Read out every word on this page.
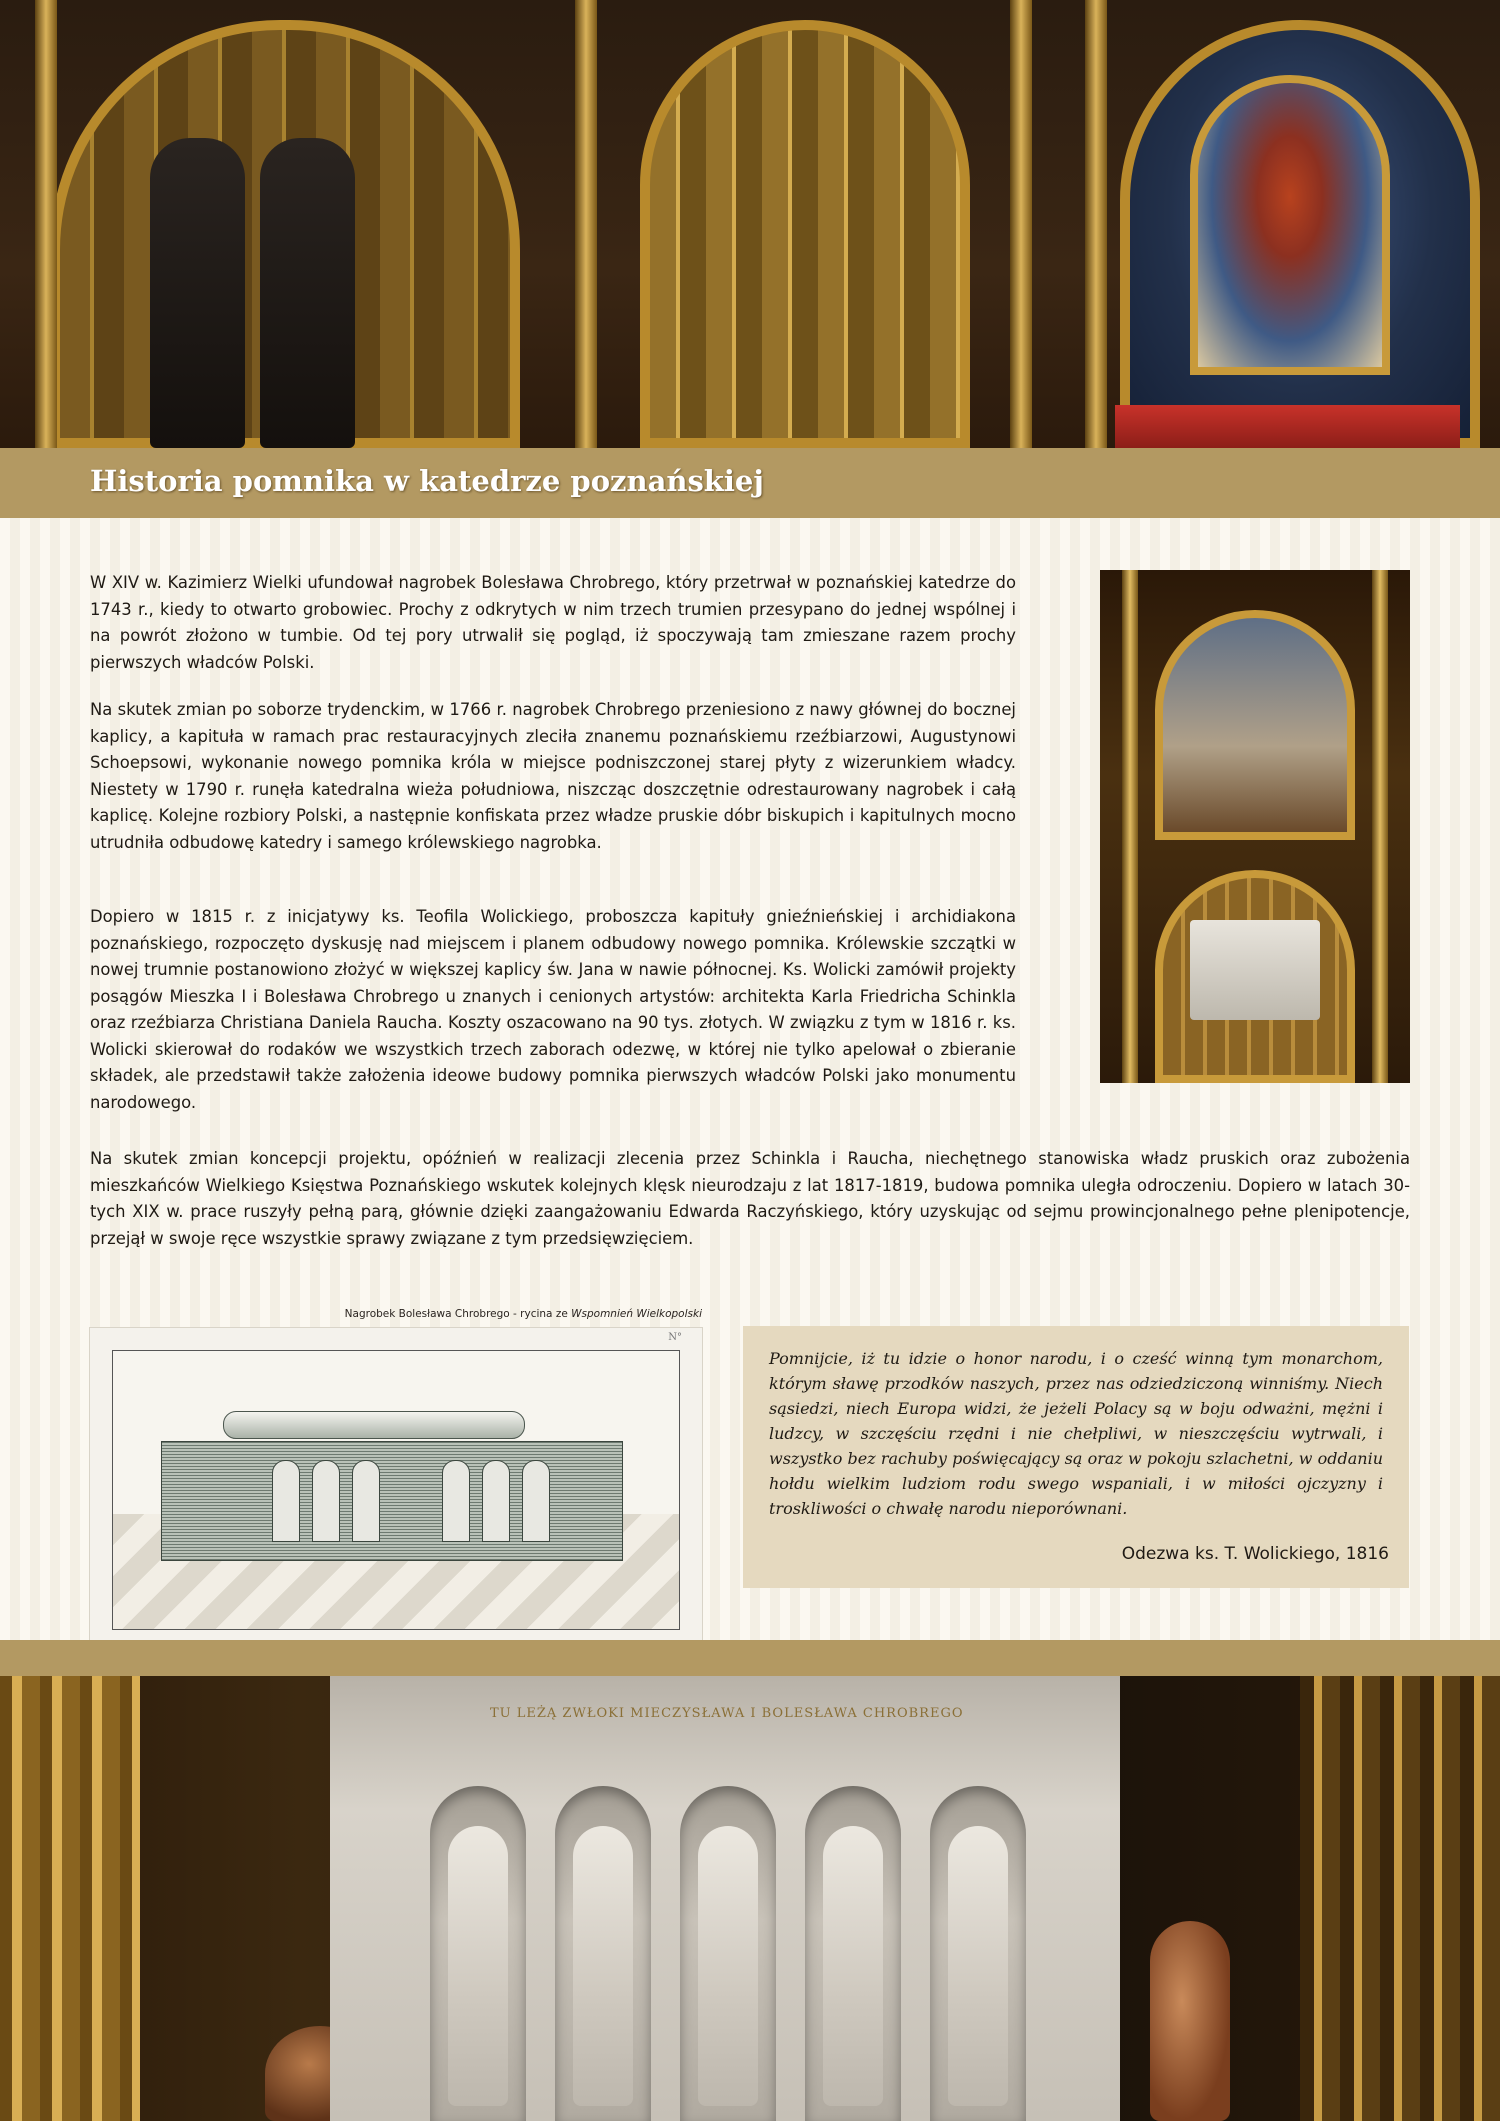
Historia pomnika w katedrze poznańskiej

W XIV w. Kazimierz Wielki ufundował nagrobek Bolesława Chrobrego, który przetrwał w poznańskiej katedrze do 1743 r., kiedy to otwarto grobowiec. Prochy z odkrytych w nim trzech trumien przesypano do jednej wspólnej i na powrót złożono w tumbie. Od tej pory utrwalił się pogląd, iż spoczywają tam zmieszane razem prochy pierwszych władców Polski.

Na skutek zmian po soborze trydenckim, w 1766 r. nagrobek Chrobrego przeniesiono z nawy głównej do bocznej kaplicy, a kapituła w ramach prac restauracyjnych zleciła znanemu poznańskiemu rzeźbiarzowi, Augustynowi Schoepsowi, wykonanie nowego pomnika króla w miejsce podniszczonej starej płyty z wizerunkiem władcy. Niestety w 1790 r. runęła katedralna wieża południowa, niszcząc doszczętnie odrestaurowany nagrobek i całą kaplicę. Kolejne rozbiory Polski, a następnie konfiskata przez władze pruskie dóbr biskupich i kapitulnych mocno utrudniła odbudowę katedry i samego królewskiego nagrobka.

Dopiero w 1815 r. z inicjatywy ks. Teofila Wolickiego, proboszcza kapituły gnieźnieńskiej i archidiakona poznańskiego, rozpoczęto dyskusję nad miejscem i planem odbudowy nowego pomnika. Królewskie szczątki w nowej trumnie postanowiono złożyć w większej kaplicy św. Jana w nawie północnej. Ks. Wolicki zamówił projekty posągów Mieszka I i Bolesława Chrobrego u znanych i cenionych artystów: architekta Karla Friedricha Schinkla oraz rzeźbiarza Christiana Daniela Raucha. Koszty oszacowano na 90 tys. złotych. W związku z tym w 1816 r. ks. Wolicki skierował do rodaków we wszystkich trzech zaborach odezwę, w której nie tylko apelował o zbieranie składek, ale przedstawił także założenia ideowe budowy pomnika pierwszych władców Polski jako monumentu narodowego.

Na skutek zmian koncepcji projektu, opóźnień w realizacji zlecenia przez Schinkla i Raucha, niechętnego stanowiska władz pruskich oraz zubożenia mieszkańców Wielkiego Księstwa Poznańskiego wskutek kolejnych klęsk nieurodzaju z lat 1817-1819, budowa pomnika uległa odroczeniu. Dopiero w latach 30-tych XIX w. prace ruszyły pełną parą, głównie dzięki zaangażowaniu Edwarda Raczyńskiego, który uzyskując od sejmu prowincjonalnego pełne plenipotencje, przejął w swoje ręce wszystkie sprawy związane z tym przedsięwzięciem.

Nagrobek Bolesława Chrobrego - rycina ze Wspomnień Wielkopolski
N°

Pomnijcie, iż tu idzie o honor narodu, i o cześć winną tym monarchom, którym sławę przodków naszych, przez nas odziedziczoną winniśmy. Niech sąsiedzi, niech Europa widzi, że jeżeli Polacy są w boju odważni, mężni i ludzcy, w szczęściu rzędni i nie chełpliwi, w nieszczęściu wytrwali, i wszystko bez rachuby poświęcający są oraz w pokoju szlachetni, w oddaniu hołdu wielkim ludziom rodu swego wspaniali, i w miłości ojczyzny i troskliwości o chwałę narodu nieporównani.

Odezwa ks. T. Wolickiego, 1816

TU LEŻĄ ZWŁOKI MIECZYSŁAWA I BOLESŁAWA CHROBREGO
